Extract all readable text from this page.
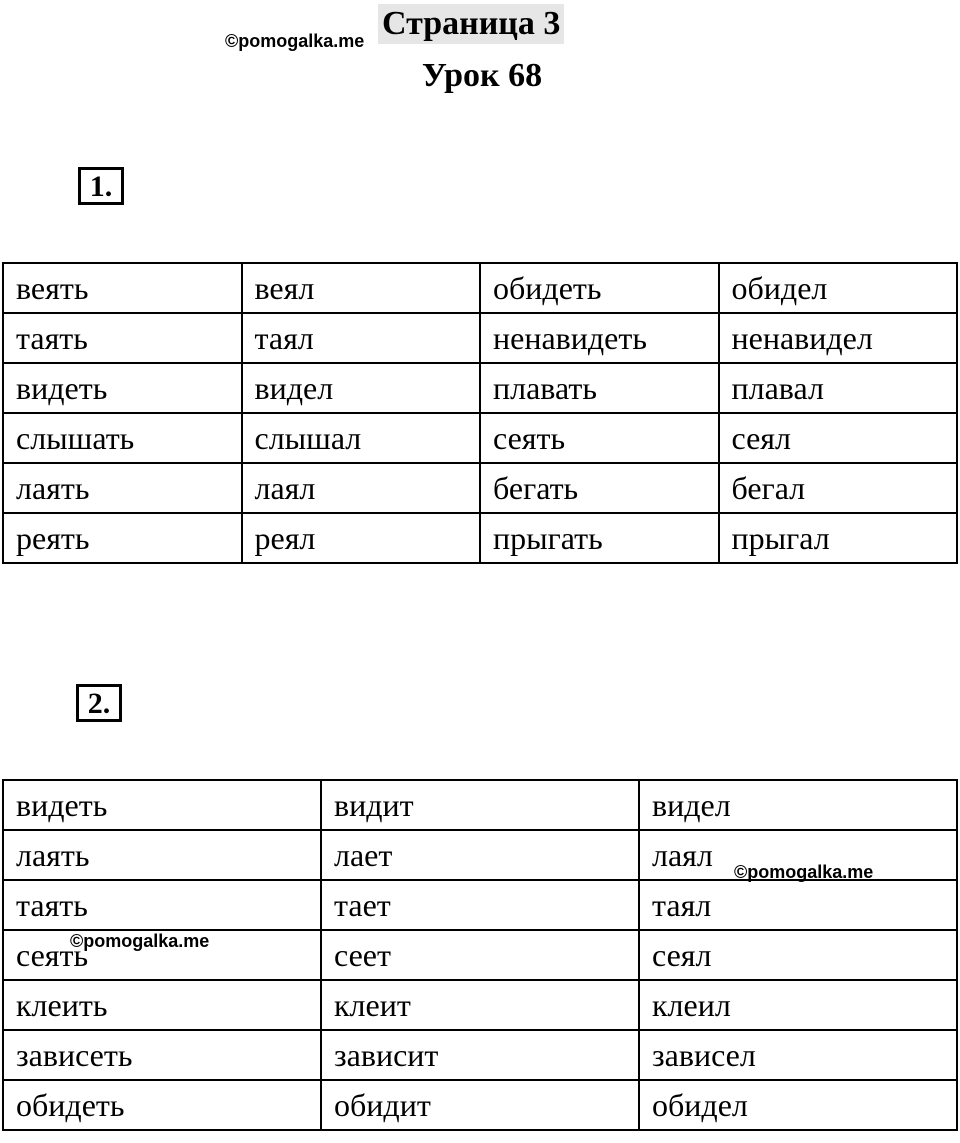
©pomogalka.me Страница 3
Урок 68
1.
веять	веял	обидеть	обидел
таять	таял	ненавидеть	ненавидел
видеть	видел	плавать	плавал
слышать	слышал	сеять	сеял
лаять	лаял	бегать	бегал
реять	реял	прыгать	прыгал
2.
видеть	видит	видел
лаять	лает	лаял
таять	тает	таял
сеять	сеет	сеял
клеить	клеит	клеил
зависеть	зависит	зависел
обидеть	обидит	обидел
©pomogalka.me
©pomogalka.me
